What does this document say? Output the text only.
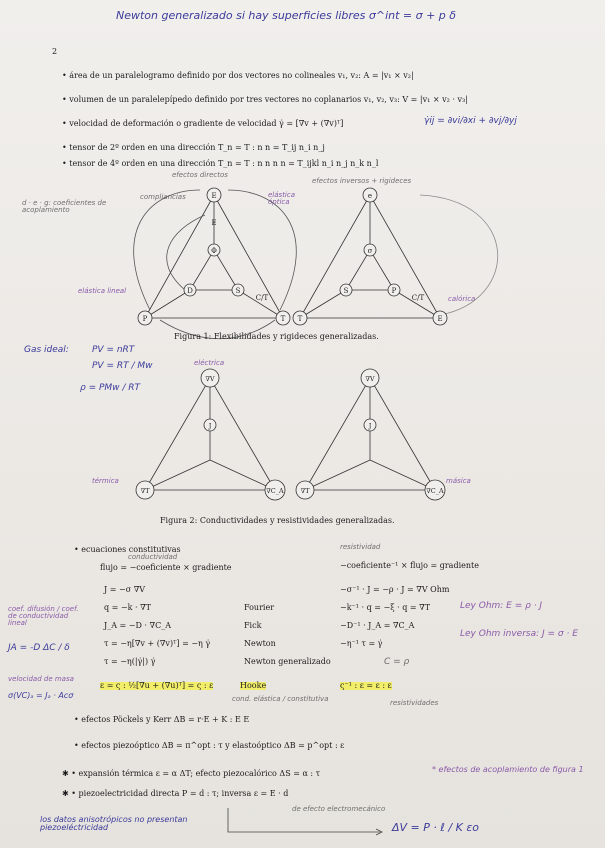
Newton generalizado si hay superficies libres σ^int = σ + p δ
2
• área de un paralelogramo definido por dos vectores no colineales v₁, v₂: A = |v₁ × v₂|
• volumen de un paralelepípedo definido por tres vectores no coplanarios v₁, v₂, v₃: V = |v₁ × v₂ · v₃|
• velocidad de deformación o gradiente de velocidad γ̇ = [∇v + (∇v)ᵀ]	γ̇ij = ∂vi/∂xi + ∂vj/∂yj
• tensor de 2º orden en una dirección T_n = T : n n = T_ij n_i n_j
• tensor de 4º orden en una dirección T_n = T : n n n n = T_ijkl n_i n_j n_k n_l
efectos directos
efectos inversos + rigideces
d · e · g: coeficientes de acoplamiento
compliancias	elástica óptica
elástica lineal
calórica
E
Φ
D	S
P	T
E
C/T
e
σ
S	P
T	E
C/T
∇V
J
∇T	∇C_A
∇V
J
∇T	∇C_A
Figura 1: Flexibilidades y rigideces generalizadas.
Gas ideal:	PV = nRT
PV = RT / Mw
ρ = PMw / RT
eléctrica
térmica	másica
Figura 2: Conductividades y resistividades generalizadas.
• ecuaciones constitutivas
conductividad
resistividad
flujo = −coeficiente × gradiente	−coeficiente⁻¹ × flujo = gradiente
J = −σ ∇V	−σ⁻¹ · J = −ρ · J = ∇V Ohm
q = −k · ∇T	Fourier	−k⁻¹ · q = −ξ · q = ∇T
J_A = −D · ∇C_A	Fick	−D⁻¹ · J_A = ∇C_A
τ = −η[∇v + (∇v)ᵀ] = −η γ̇	Newton	−η⁻¹ τ = γ̇
τ = −η(|γ̇|) γ̇	Newton generalizado
ε = ς : ½[∇u + (∇u)ᵀ] = ς : ε	Hooke	ς⁻¹ : ε = ε : ε
Ley Ohm: E = ρ · J
Ley Ohm inversa: J = σ · E
C = ρ
resistividades
cond. elástica / constitutiva
coef. difusión / coef. de conductividad lineal
JA = -D ΔC / δ
velocidad de masa
σ(VC)ₐ = Jₐ · Acσ
• efectos Pöckels y Kerr ΔB = r·E + K : E E
• efectos piezoóptico ΔB = π^opt : τ y elastoóptico ΔB = p^opt : ε
✱ • expansión térmica ε = α ΔT; efecto piezocalórico ΔS = α : τ
✱ • piezoelectricidad directa P = d : τ; inversa ε = E · d
* efectos de acoplamiento de figura 1
los datos anisotrópicos no presentan piezoeléctricidad
de efecto electromecánico
ΔV = P · ℓ / K εo
